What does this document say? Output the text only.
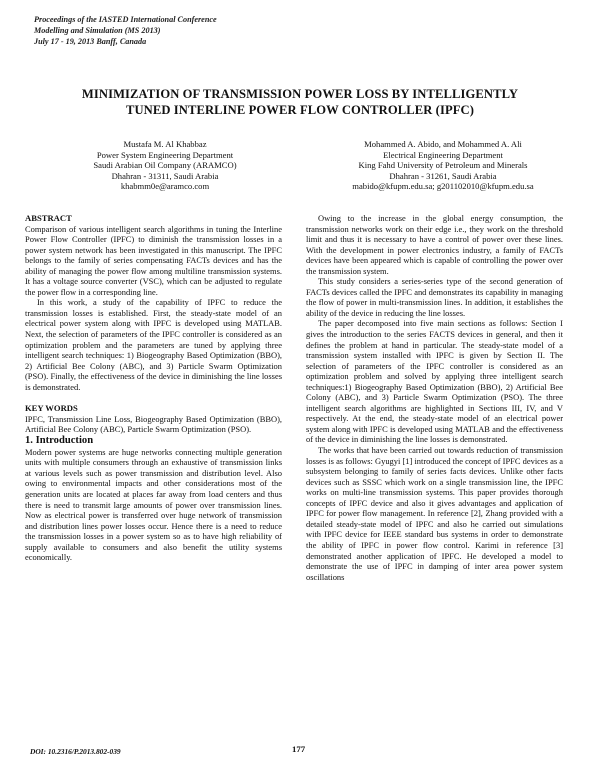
Proceedings of the IASTED International Conference
Modelling and Simulation (MS 2013)
July 17 - 19, 2013 Banff, Canada
MINIMIZATION OF TRANSMISSION POWER LOSS BY INTELLIGENTLY
TUNED INTERLINE POWER FLOW CONTROLLER (IPFC)
Mustafa M. Al Khabbaz
Power System Engineering Department
Saudi Arabian Oil Company (ARAMCO)
Dhahran - 31311, Saudi Arabia
khabmm0e@aramco.com
Mohammed A. Abido, and Mohammed A. Ali
Electrical Engineering Department
King Fahd University of Petroleum and Minerals
Dhahran - 31261, Saudi Arabia
mabido@kfupm.edu.sa; g201102010@kfupm.edu.sa

ABSTRACT

Comparison of various intelligent search algorithms in tuning the Interline Power Flow Controller (IPFC) to diminish the transmission losses in a power system network has been investigated in this manuscript. The IPFC belongs to the family of series compensating FACTs devices and has the ability of managing the power flow among multiline transmission systems. It has a voltage source converter (VSC), which can be adjusted to regulate the power flow in a corresponding line.

In this work, a study of the capability of IPFC to reduce the transmission losses is established. First, the steady-state model of an electrical power system along with IPFC is developed using MATLAB. Next, the selection of parameters of the IPFC controller is considered as an optimization problem and the parameters are tuned by applying three intelligent search techniques: 1) Biogeography Based Optimization (BBO), 2) Artificial Bee Colony (ABC), and 3) Particle Swarm Optimization (PSO). Finally, the effectiveness of the device in diminishing the line losses is demonstrated.

KEY WORDS

IPFC, Transmission Line Loss, Biogeography Based Optimization (BBO), Artificial Bee Colony (ABC), Particle Swarm Optimization (PSO).

1. Introduction

Modern power systems are huge networks connecting multiple generation units with multiple consumers through an exhaustive of transmission links at various levels such as power transmission and distribution level. Also owing to environmental impacts and other considerations most of the generation units are located at places far away from load centers and thus there is need to transmit large amounts of power over transmission lines. Now as electrical power is transferred over huge network of transmission and distribution lines power losses occur. Hence there is a need to reduce the transmission losses in a power system so as to have high reliability of supply available to consumers and also benefit the utility systems economically.

Owing to the increase in the global energy consumption, the transmission networks work on their edge i.e., they work on the threshold limit and thus it is necessary to have a control of power over these lines. With the development in power electronics industry, a family of FACTs devices have been appeared which is capable of controlling the power over the transmission system.

This study considers a series-series type of the second generation of FACTs devices called the IPFC and demonstrates its capability in managing the flow of power in multi-transmission lines. In addition, it establishes the ability of the device in reducing the line losses.

The paper decomposed into five main sections as follows: Section I gives the introduction to the series FACTS devices in general, and then it defines the problem at hand in particular. The steady-state model of a transmission system installed with IPFC is given by Section II. The selection of parameters of the IPFC controller is considered as an optimization problem and solved by applying three intelligent search techniques:1) Biogeography Based Optimization (BBO), 2) Artificial Bee Colony (ABC), and 3) Particle Swarm Optimization (PSO). The three intelligent search algorithms are highlighted in Sections III, IV, and V respectively. At the end, the steady-state model of an electrical power system along with IPFC is developed using MATLAB and the effectiveness of the device in diminishing the line losses is demonstrated.

The works that have been carried out towards reduction of transmission losses is as follows: Gyugyi [1] introduced the concept of IPFC devices as a subsystem belonging to family of series facts devices. Unlike other facts devices such as SSSC which work on a single transmission line, the IPFC works on multi-line transmission systems. This paper provides thorough concepts of IPFC device and also it gives advantages and application of IPFC for power flow management. In reference [2], Zhang provided with a detailed steady-state model of IPFC and also he carried out simulations with IPFC device for IEEE standard bus systems in order to demonstrate the ability of IPFC in power flow control. Karimi in reference [3] demonstrated another application of IPFC. He developed a model to demonstrate the use of IPFC in damping of inter area power system oscillations

DOI: 10.2316/P.2013.802-039	177
